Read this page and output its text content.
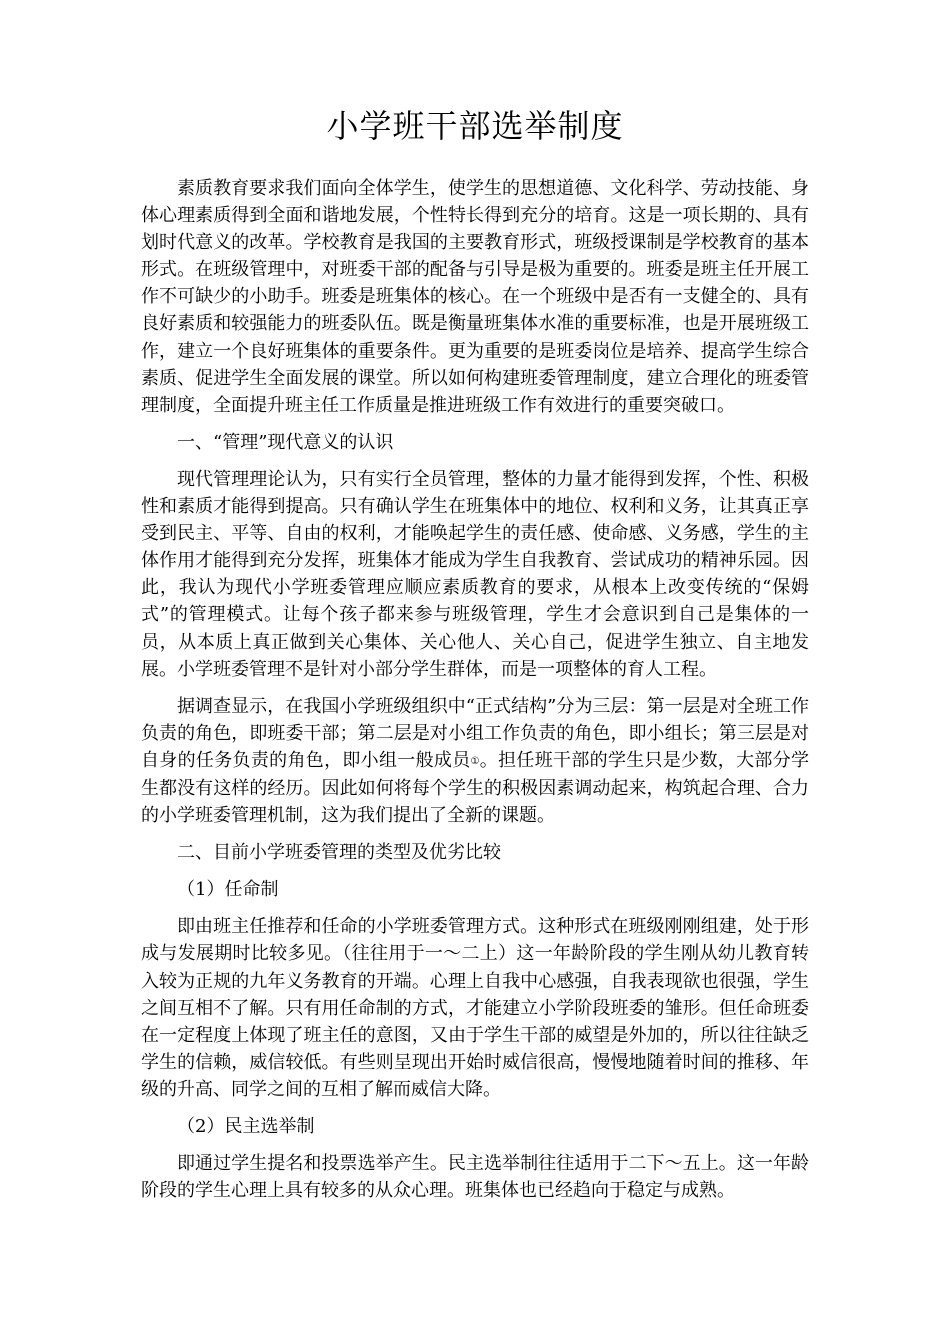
小学班干部选举制度

素质教育要求我们面向全体学生，使学生的思想道德、文化科学、劳动技能、身体心理素质得到全面和谐地发展，个性特长得到充分的培育。这是一项长期的、具有划时代意义的改革。学校教育是我国的主要教育形式，班级授课制是学校教育的基本形式。在班级管理中，对班委干部的配备与引导是极为重要的。班委是班主任开展工作不可缺少的小助手。班委是班集体的核心。在一个班级中是否有一支健全的、具有良好素质和较强能力的班委队伍。既是衡量班集体水准的重要标准，也是开展班级工作，建立一个良好班集体的重要条件。更为重要的是班委岗位是培养、提高学生综合素质、促进学生全面发展的课堂。所以如何构建班委管理制度，建立合理化的班委管理制度，全面提升班主任工作质量是推进班级工作有效进行的重要突破口。

一、“管理”现代意义的认识

现代管理理论认为，只有实行全员管理，整体的力量才能得到发挥，个性、积极性和素质才能得到提高。只有确认学生在班集体中的地位、权利和义务，让其真正享受到民主、平等、自由的权利，才能唤起学生的责任感、使命感、义务感，学生的主体作用才能得到充分发挥，班集体才能成为学生自我教育、尝试成功的精神乐园。因此，我认为现代小学班委管理应顺应素质教育的要求，从根本上改变传统的“保姆式”的管理模式。让每个孩子都来参与班级管理，学生才会意识到自己是集体的一员，从本质上真正做到关心集体、关心他人、关心自己，促进学生独立、自主地发展。小学班委管理不是针对小部分学生群体，而是一项整体的育人工程。

据调查显示，在我国小学班级组织中“正式结构”分为三层：第一层是对全班工作负责的角色，即班委干部；第二层是对小组工作负责的角色，即小组长；第三层是对自身的任务负责的角色，即小组一般成员①。担任班干部的学生只是少数，大部分学生都没有这样的经历。因此如何将每个学生的积极因素调动起来，构筑起合理、合力的小学班委管理机制，这为我们提出了全新的课题。

二、目前小学班委管理的类型及优劣比较

（1）任命制

即由班主任推荐和任命的小学班委管理方式。这种形式在班级刚刚组建，处于形成与发展期时比较多见。（往往用于一～二上）这一年龄阶段的学生刚从幼儿教育转入较为正规的九年义务教育的开端。心理上自我中心感强，自我表现欲也很强，学生之间互相不了解。只有用任命制的方式，才能建立小学阶段班委的雏形。但任命班委在一定程度上体现了班主任的意图，又由于学生干部的威望是外加的，所以往往缺乏学生的信赖，威信较低。有些则呈现出开始时威信很高，慢慢地随着时间的推移、年级的升高、同学之间的互相了解而威信大降。

（2）民主选举制

即通过学生提名和投票选举产生。民主选举制往往适用于二下～五上。这一年龄阶段的学生心理上具有较多的从众心理。班集体也已经趋向于稳定与成熟。
